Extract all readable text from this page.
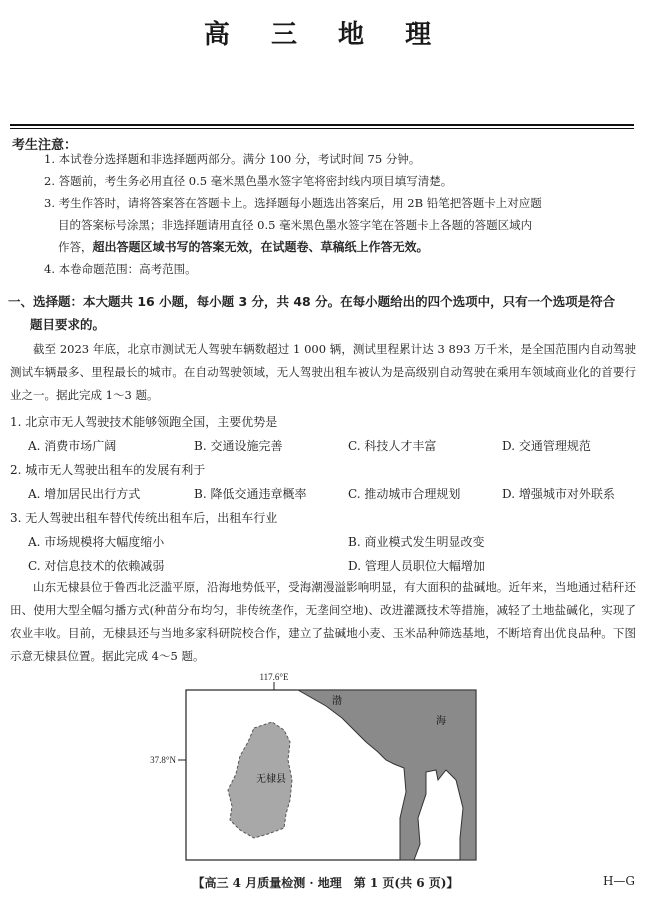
高 三 地 理
考生注意：
1. 本试卷分选择题和非选择题两部分。满分 100 分，考试时间 75 分钟。
2. 答题前，考生务必用直径 0.5 毫米黑色墨水签字笔将密封线内项目填写清楚。
3. 考生作答时，请将答案答在答题卡上。选择题每小题选出答案后，用 2B 铅笔把答题卡上对应题
目的答案标号涂黑；非选择题请用直径 0.5 毫米黑色墨水签字笔在答题卡上各题的答题区域内
作答，超出答题区域书写的答案无效，在试题卷、草稿纸上作答无效。
4. 本卷命题范围：高考范围。
一、选择题：本大题共 16 小题，每小题 3 分，共 48 分。在每小题给出的四个选项中，只有一个选项是符合
题目要求的。
截至 2023 年底，北京市测试无人驾驶车辆数超过 1 000 辆，测试里程累计达 3 893 万千米，是全国范围内自动驾驶测试车辆最多、里程最长的城市。在自动驾驶领域，无人驾驶出租车被认为是高级别自动驾驶在乘用车领域商业化的首要行业之一。据此完成 1～3 题。
1. 北京市无人驾驶技术能够领跑全国，主要优势是
A. 消费市场广阔	B. 交通设施完善	C. 科技人才丰富	D. 交通管理规范
2. 城市无人驾驶出租车的发展有利于
A. 增加居民出行方式	B. 降低交通违章概率	C. 推动城市合理规划	D. 增强城市对外联系
3. 无人驾驶出租车替代传统出租车后，出租车行业
A. 市场规模将大幅度缩小	B. 商业模式发生明显改变
C. 对信息技术的依赖减弱	D. 管理人员职位大幅增加
山东无棣县位于鲁西北泛滥平原，沿海地势低平，受海潮漫溢影响明显，有大面积的盐碱地。近年来，当地通过秸秆还田、使用大型全幅匀播方式(种苗分布均匀，非传统垄作，无垄间空地)、改进灌溉技术等措施，减轻了土地盐碱化，实现了农业丰收。目前，无棣县还与当地多家科研院校合作，建立了盐碱地小麦、玉米品种筛选基地，不断培育出优良品种。下图示意无棣县位置。据此完成 4～5 题。
117.6°E
37.8°N
渤
海
无棣县
【高三 4 月质量检测 · 地理　第 1 页(共 6 页)】	H—G
